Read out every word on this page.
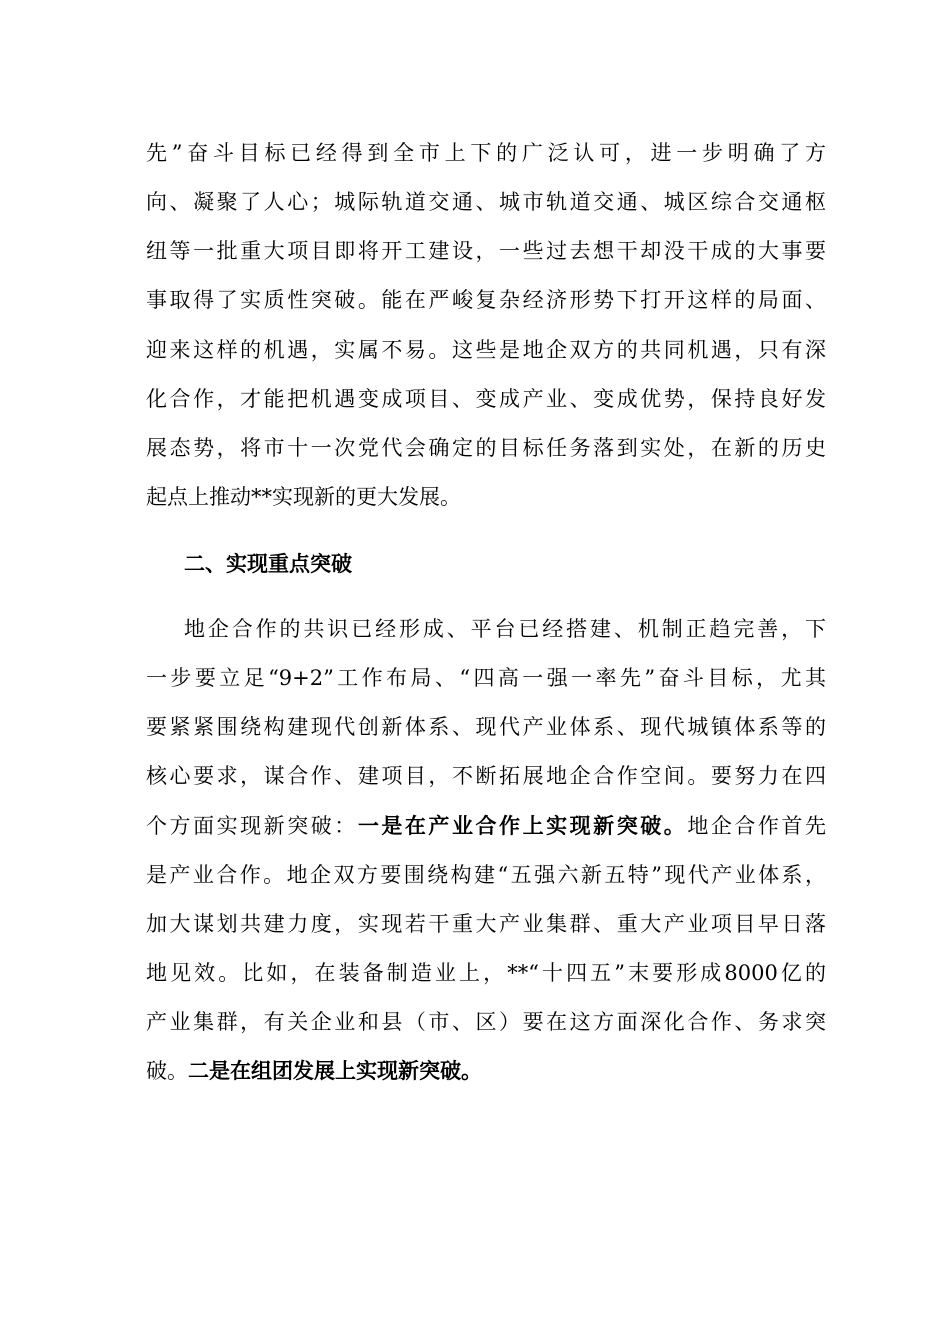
先”奋斗目标已经得到全市上下的广泛认可，进一步明确了方
向、凝聚了人心；城际轨道交通、城市轨道交通、城区综合交通枢
纽等一批重大项目即将开工建设，一些过去想干却没干成的大事要
事取得了实质性突破。能在严峻复杂经济形势下打开这样的局面、
迎来这样的机遇，实属不易。这些是地企双方的共同机遇，只有深
化合作，才能把机遇变成项目、变成产业、变成优势，保持良好发
展态势，将市十一次党代会确定的目标任务落到实处，在新的历史
起点上推动**实现新的更大发展。
二、实现重点突破
地企合作的共识已经形成、平台已经搭建、机制正趋完善，下
一步要立足“9+2”工作布局、“四高一强一率先”奋斗目标，尤其
要紧紧围绕构建现代创新体系、现代产业体系、现代城镇体系等的
核心要求，谋合作、建项目，不断拓展地企合作空间。要努力在四
个方面实现新突破：一是在产业合作上实现新突破。地企合作首先
是产业合作。地企双方要围绕构建“五强六新五特”现代产业体系，
加大谋划共建力度，实现若干重大产业集群、重大产业项目早日落
地见效。比如，在装备制造业上，**“十四五”末要形成8000亿的
产业集群，有关企业和县（市、区）要在这方面深化合作、务求突
破。二是在组团发展上实现新突破。
